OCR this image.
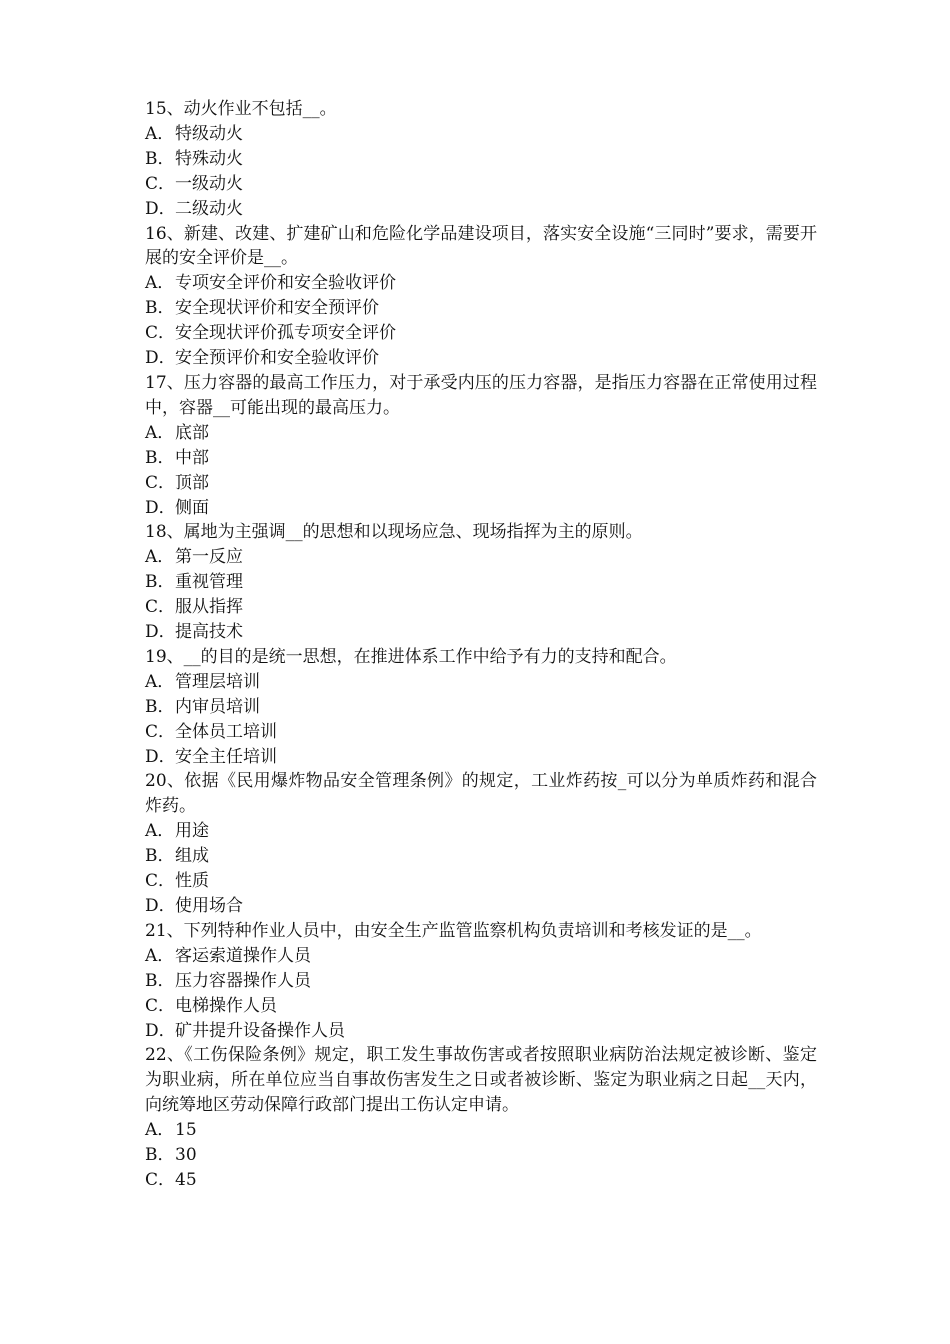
15、动火作业不包括__。

A．特级动火

B．特殊动火

C．一级动火

D．二级动火

16、新建、改建、扩建矿山和危险化学品建设项目，落实安全设施“三同时”要求，需要开展的安全评价是__。

A．专项安全评价和安全验收评价

B．安全现状评价和安全预评价

C．安全现状评价孤专项安全评价

D．安全预评价和安全验收评价

17、压力容器的最高工作压力，对于承受内压的压力容器，是指压力容器在正常使用过程中，容器__可能出现的最高压力。

A．底部

B．中部

C．顶部

D．侧面

18、属地为主强调__的思想和以现场应急、现场指挥为主的原则。

A．第一反应

B．重视管理

C．服从指挥

D．提高技术

19、__的目的是统一思想，在推进体系工作中给予有力的支持和配合。

A．管理层培训

B．内审员培训

C．全体员工培训

D．安全主任培训

20、依据《民用爆炸物品安全管理条例》的规定，工业炸药按_可以分为单质炸药和混合炸药。

A．用途

B．组成

C．性质

D．使用场合

21、下列特种作业人员中，由安全生产监管监察机构负责培训和考核发证的是__。

A．客运索道操作人员

B．压力容器操作人员

C．电梯操作人员

D．矿井提升设备操作人员

22、《工伤保险条例》规定，职工发生事故伤害或者按照职业病防治法规定被诊断、鉴定为职业病，所在单位应当自事故伤害发生之日或者被诊断、鉴定为职业病之日起__天内，向统筹地区劳动保障行政部门提出工伤认定申请。

A．15

B．30

C．45
